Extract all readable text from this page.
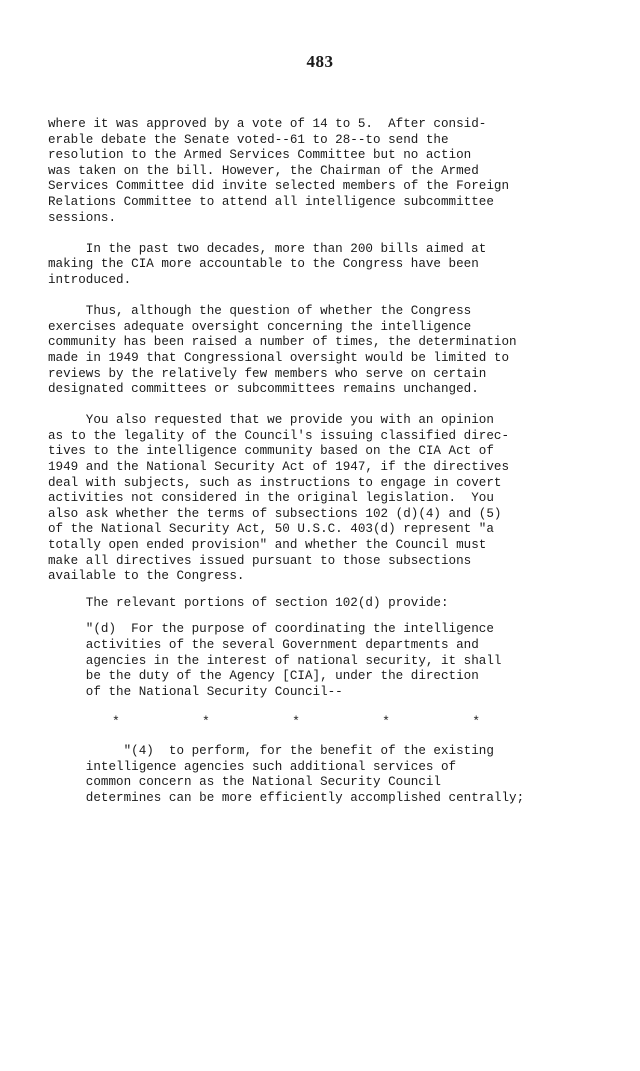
483
where it was approved by a vote of 14 to 5.  After consid-
erable debate the Senate voted--61 to 28--to send the
resolution to the Armed Services Committee but no action
was taken on the bill. However, the Chairman of the Armed
Services Committee did invite selected members of the Foreign
Relations Committee to attend all intelligence subcommittee
sessions.
In the past two decades, more than 200 bills aimed at
making the CIA more accountable to the Congress have been
introduced.
Thus, although the question of whether the Congress
exercises adequate oversight concerning the intelligence
community has been raised a number of times, the determination
made in 1949 that Congressional oversight would be limited to
reviews by the relatively few members who serve on certain
designated committees or subcommittees remains unchanged.
You also requested that we provide you with an opinion
as to the legality of the Council's issuing classified direc-
tives to the intelligence community based on the CIA Act of
1949 and the National Security Act of 1947, if the directives
deal with subjects, such as instructions to engage in covert
activities not considered in the original legislation.  You
also ask whether the terms of subsections 102 (d)(4) and (5)
of the National Security Act, 50 U.S.C. 403(d) represent "a
totally open ended provision" and whether the Council must
make all directives issued pursuant to those subsections
available to the Congress.
The relevant portions of section 102(d) provide:
"(d)  For the purpose of coordinating the intelligence
activities of the several Government departments and
agencies in the interest of national security, it shall
be the duty of the Agency [CIA], under the direction
of the National Security Council--
*	*	*	*	*
"(4)  to perform, for the benefit of the existing
intelligence agencies such additional services of
common concern as the National Security Council
determines can be more efficiently accomplished centrally;
